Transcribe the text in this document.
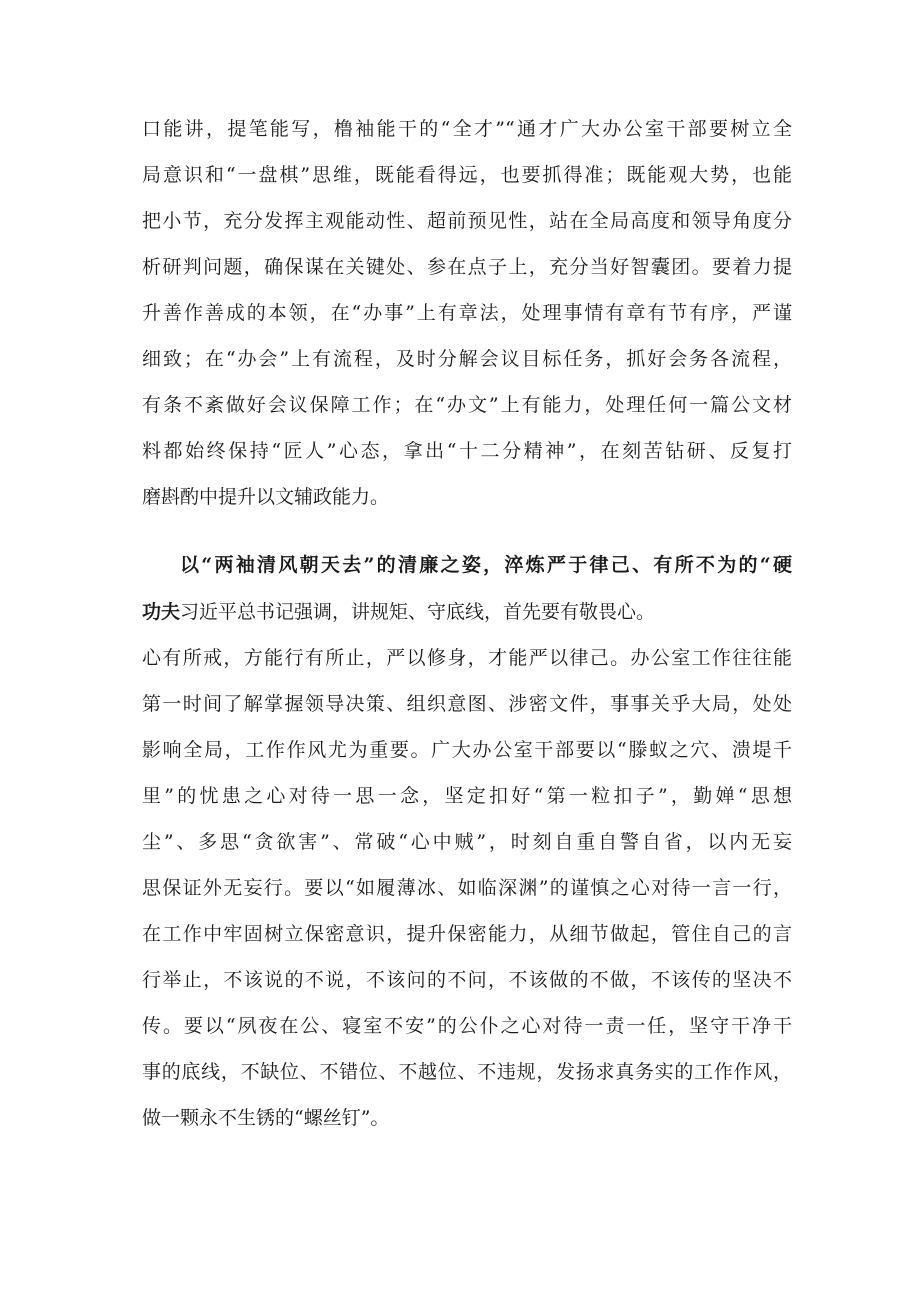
口能讲，提笔能写，橹袖能干的“全才”“通才广大办公室干部要树立全
局意识和“一盘棋”思维，既能看得远，也要抓得准；既能观大势，也能
把小节，充分发挥主观能动性、超前预见性，站在全局高度和领导角度分
析研判问题，确保谋在关键处、参在点子上，充分当好智囊团。要着力提
升善作善成的本领，在“办事”上有章法，处理事情有章有节有序，严谨
细致；在“办会”上有流程，及时分解会议目标任务，抓好会务各流程，
有条不紊做好会议保障工作；在“办文”上有能力，处理任何一篇公文材
料都始终保持“匠人”心态，拿出“十二分精神”，在刻苦钻研、反复打
磨斟酌中提升以文辅政能力。
以“两袖清风朝天去”的清廉之姿，淬炼严于律己、有所不为的“硬
功夫习近平总书记强调，讲规矩、守底线，首先要有敬畏心。
心有所戒，方能行有所止，严以修身，才能严以律己。办公室工作往往能
第一时间了解掌握领导决策、组织意图、涉密文件，事事关乎大局，处处
影响全局，工作作风尤为重要。广大办公室干部要以“滕蚁之穴、溃堤千
里”的忧患之心对待一思一念，坚定扣好“第一粒扣子”，勤婵“思想
尘”、多思“贪欲害”、常破“心中贼”，时刻自重自警自省，以内无妄
思保证外无妄行。要以“如履薄冰、如临深渊”的谨慎之心对待一言一行，
在工作中牢固树立保密意识，提升保密能力，从细节做起，管住自己的言
行举止，不该说的不说，不该问的不问，不该做的不做，不该传的坚决不
传。要以“夙夜在公、寝室不安”的公仆之心对待一责一任，坚守干净干
事的底线，不缺位、不错位、不越位、不违规，发扬求真务实的工作作风，
做一颗永不生锈的“螺丝钉”。
